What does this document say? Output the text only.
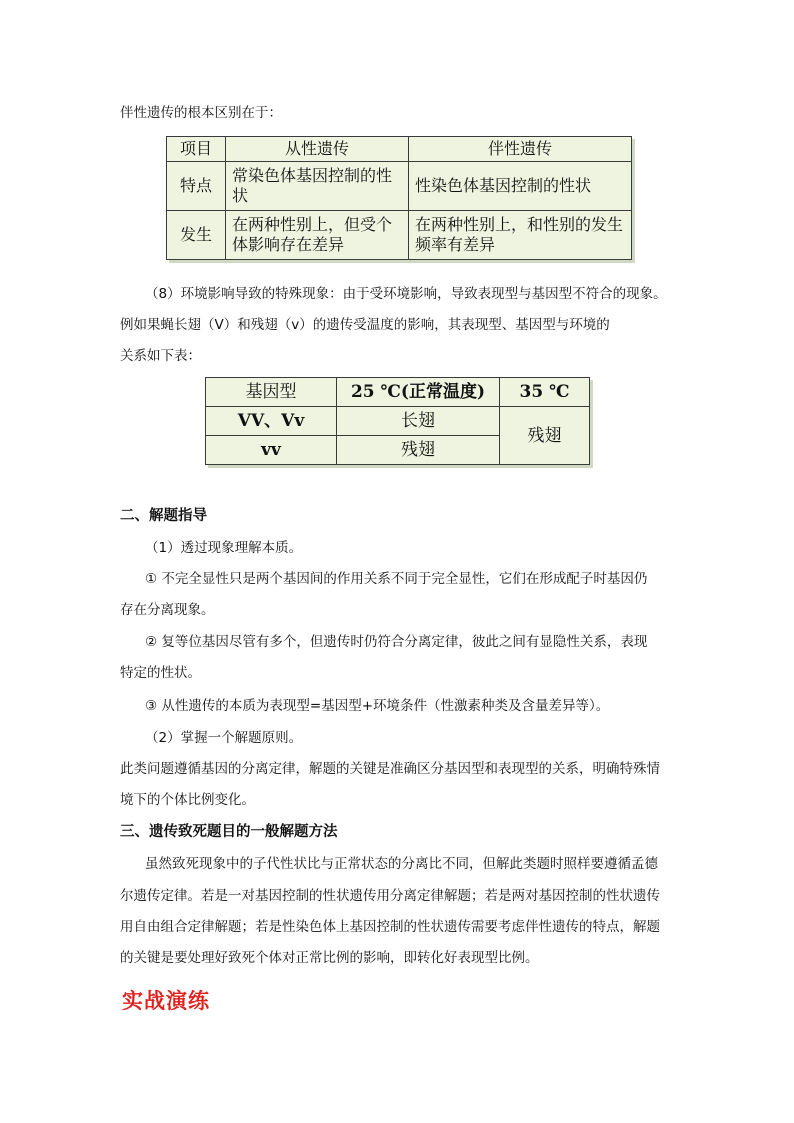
伴性遗传的根本区别在于：
项目	从性遗传	伴性遗传
特点	常染色体基因控制的性状	性染色体基因控制的性状
发生	在两种性别上，但受个体影响存在差异	在两种性别上，和性别的发生频率有差异
（8）环境影响导致的特殊现象：由于受环境影响，导致表现型与基因型不符合的现象。
例如果蝇长翅（V）和残翅（v）的遗传受温度的影响，其表现型、基因型与环境的
关系如下表：
基因型	25 ℃(正常温度)	35 ℃
VV、Vv	长翅	残翅
vv	残翅	
二、解题指导
（1）透过现象理解本质。
① 不完全显性只是两个基因间的作用关系不同于完全显性，它们在形成配子时基因仍
存在分离现象。
② 复等位基因尽管有多个，但遗传时仍符合分离定律，彼此之间有显隐性关系，表现
特定的性状。
③ 从性遗传的本质为表现型=基因型+环境条件（性激素种类及含量差异等）。
（2）掌握一个解题原则。
此类问题遵循基因的分离定律，解题的关键是准确区分基因型和表现型的关系，明确特殊情
境下的个体比例变化。
三、遗传致死题目的一般解题方法
虽然致死现象中的子代性状比与正常状态的分离比不同，但解此类题时照样要遵循孟德
尔遗传定律。若是一对基因控制的性状遗传用分离定律解题；若是两对基因控制的性状遗传
用自由组合定律解题；若是性染色体上基因控制的性状遗传需要考虑伴性遗传的特点，解题
的关键是要处理好致死个体对正常比例的影响，即转化好表现型比例。
实战演练
